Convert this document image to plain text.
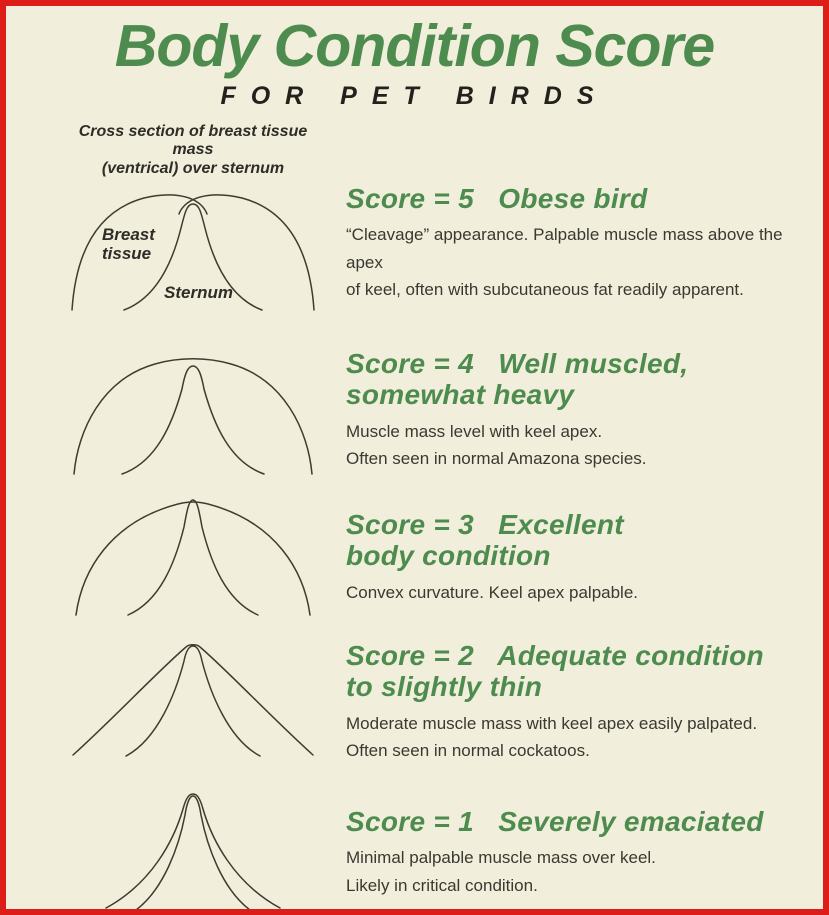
Body Condition Score
FOR PET BIRDS
Cross section of breast tissue mass
(ventrical) over sternum
Breast
tissue
Sternum
Score = 5   Obese bird
“Cleavage” appearance. Palpable muscle mass above the apex
of keel, often with subcutaneous fat readily apparent.
Score = 4   Well muscled,
somewhat heavy
Muscle mass level with keel apex.
Often seen in normal Amazona species.
Score = 3   Excellent
body condition
Convex curvature. Keel apex palpable.
Score = 2   Adequate condition
to slightly thin
Moderate muscle mass with keel apex easily palpated.
Often seen in normal cockatoos.
Score = 1   Severely emaciated
Minimal palpable muscle mass over keel.
Likely in critical condition.
